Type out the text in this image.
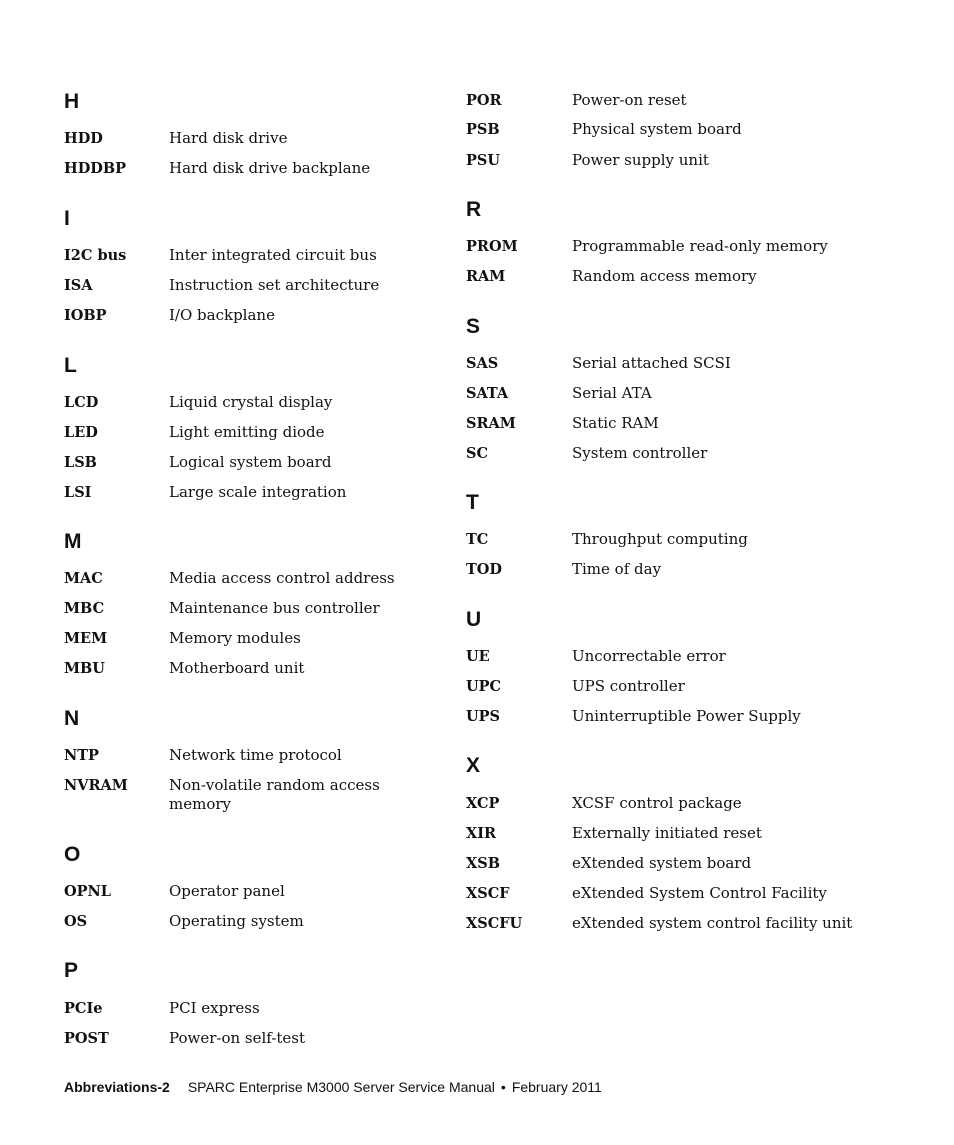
H
HDD	Hard disk drive
HDDBP	Hard disk drive backplane
I
I2C bus	Inter integrated circuit bus
ISA	Instruction set architecture
IOBP	I/O backplane
L
LCD	Liquid crystal display
LED	Light emitting diode
LSB	Logical system board
LSI	Large scale integration
M
MAC	Media access control address
MBC	Maintenance bus controller
MEM	Memory modules
MBU	Motherboard unit
N
NTP	Network time protocol
NVRAM	Non-volatile random access memory
O
OPNL	Operator panel
OS	Operating system
P
PCIe	PCI express
POST	Power-on self-test
POR	Power-on reset
PSB	Physical system board
PSU	Power supply unit
R
PROM	Programmable read-only memory
RAM	Random access memory
S
SAS	Serial attached SCSI
SATA	Serial ATA
SRAM	Static RAM
SC	System controller
T
TC	Throughput computing
TOD	Time of day
U
UE	Uncorrectable error
UPC	UPS controller
UPS	Uninterruptible Power Supply
X
XCP	XCSF control package
XIR	Externally initiated reset
XSB	eXtended system board
XSCF	eXtended System Control Facility
XSCFU	eXtended system control facility unit
Abbreviations-2 SPARC Enterprise M3000 Server Service Manual • February 2011
